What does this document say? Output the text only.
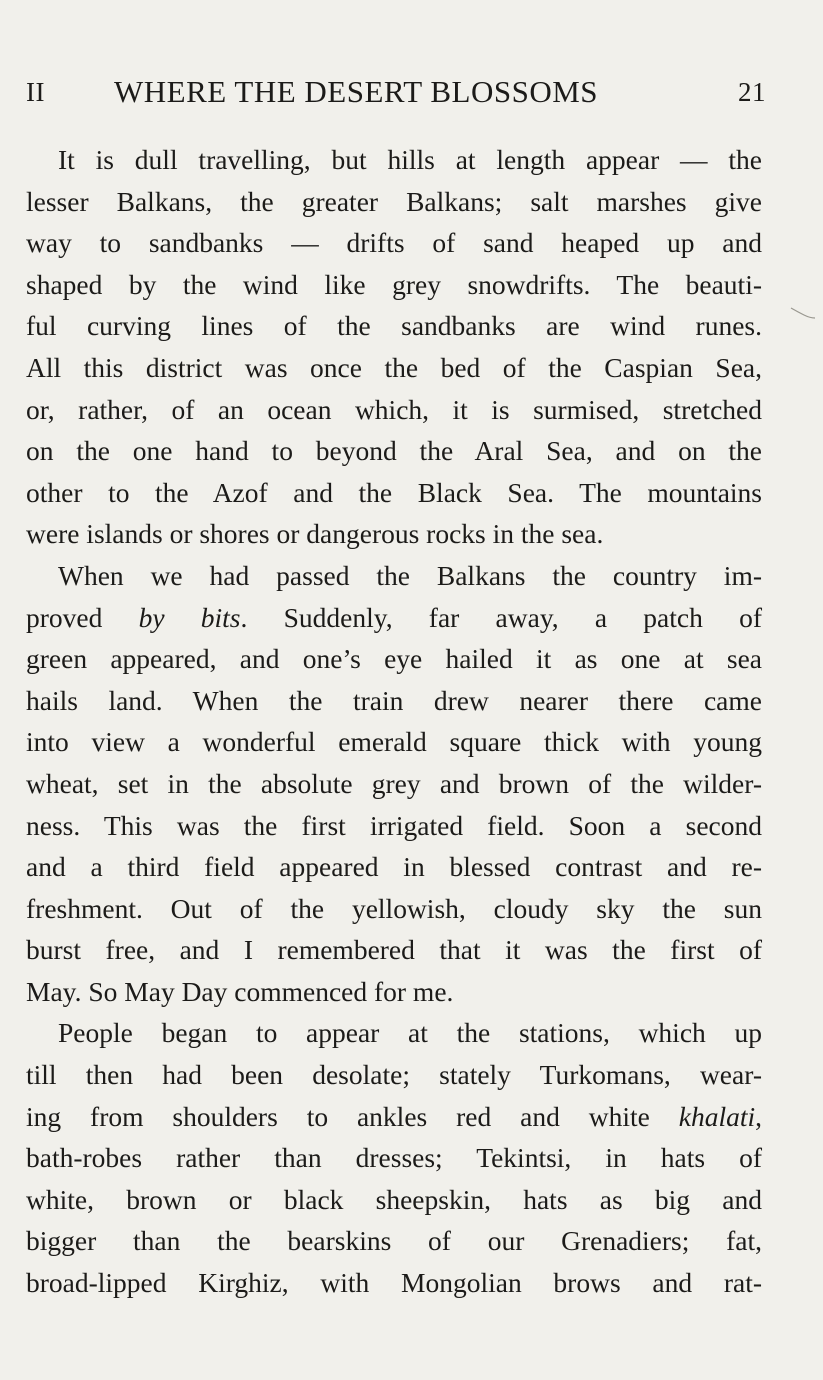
II WHERE THE DESERT BLOSSOMS	21
It is dull travelling, but hills at length appear — the
lesser Balkans, the greater Balkans; salt marshes give
way to sandbanks — drifts of sand heaped up and
shaped by the wind like grey snowdrifts. The beauti-
ful curving lines of the sandbanks are wind runes.
All this district was once the bed of the Caspian Sea,
or, rather, of an ocean which, it is surmised, stretched
on the one hand to beyond the Aral Sea, and on the
other to the Azof and the Black Sea. The mountains
were islands or shores or dangerous rocks in the sea.
When we had passed the Balkans the country im-
proved by bits. Suddenly, far away, a patch of
green appeared, and one’s eye hailed it as one at sea
hails land. When the train drew nearer there came
into view a wonderful emerald square thick with young
wheat, set in the absolute grey and brown of the wilder-
ness. This was the first irrigated field. Soon a second
and a third field appeared in blessed contrast and re-
freshment. Out of the yellowish, cloudy sky the sun
burst free, and I remembered that it was the first of
May. So May Day commenced for me.
People began to appear at the stations, which up
till then had been desolate; stately Turkomans, wear-
ing from shoulders to ankles red and white khalati,
bath-robes rather than dresses; Tekintsi, in hats of
white, brown or black sheepskin, hats as big and
bigger than the bearskins of our Grenadiers; fat,
broad-lipped Kirghiz, with Mongolian brows and rat-
